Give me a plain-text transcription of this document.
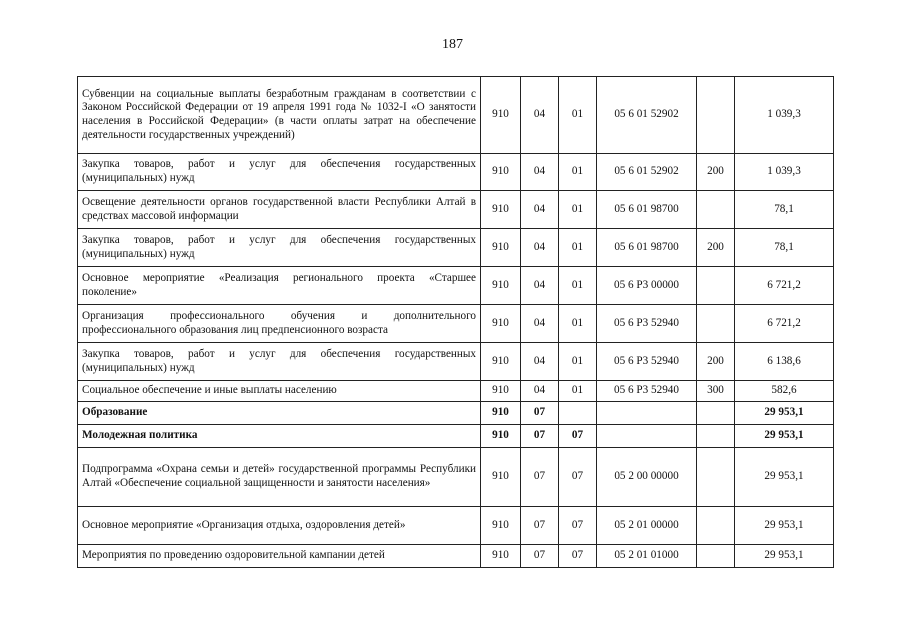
187
Субвенции на социальные выплаты безработным гражданам в соответствии с Законом Российской Федерации от 19 апреля 1991 года № 1032-I «О занятости населения в Российской Федерации» (в части оплаты затрат на обеспечение деятельности государственных учреждений)	910	04	01	05 6 01 52902		1 039,3
Закупка товаров, работ и услуг для обеспечения государственных (муниципальных) нужд	910	04	01	05 6 01 52902	200	1 039,3
Освещение деятельности органов государственной власти Республики Алтай в средствах массовой информации	910	04	01	05 6 01 98700		78,1
Закупка товаров, работ и услуг для обеспечения государственных (муниципальных) нужд	910	04	01	05 6 01 98700	200	78,1
Основное мероприятие «Реализация регионального проекта «Старшее поколение»	910	04	01	05 6 P3 00000		6 721,2
Организация профессионального обучения и дополнительного профессионального образования лиц предпенсионного возраста	910	04	01	05 6 P3 52940		6 721,2
Закупка товаров, работ и услуг для обеспечения государственных (муниципальных) нужд	910	04	01	05 6 P3 52940	200	6 138,6
Социальное обеспечение и иные выплаты населению	910	04	01	05 6 P3 52940	300	582,6
Образование	910	07				29 953,1
Молодежная политика	910	07	07			29 953,1
Подпрограмма «Охрана семьи и детей» государственной программы Республики Алтай «Обеспечение социальной защищенности и занятости населения»	910	07	07	05 2 00 00000		29 953,1
Основное мероприятие «Организация отдыха, оздоровления детей»	910	07	07	05 2 01 00000		29 953,1
Мероприятия по проведению оздоровительной кампании детей	910	07	07	05 2 01 01000		29 953,1
